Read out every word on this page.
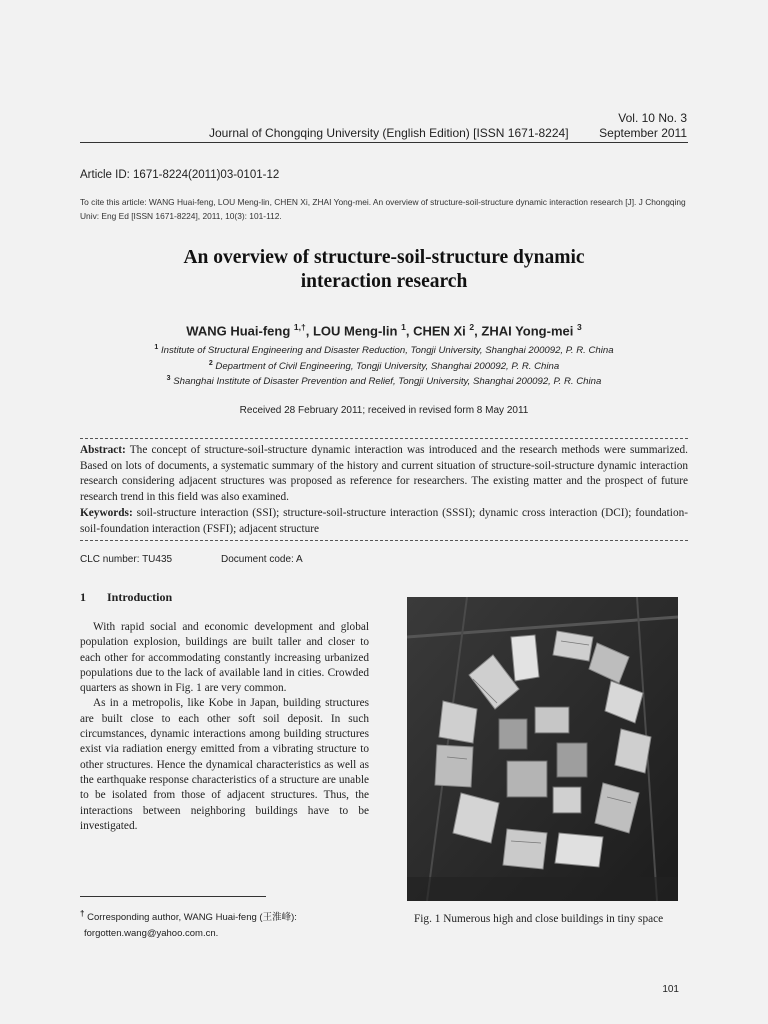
Vol. 10 No. 3
Journal of Chongqing University (English Edition) [ISSN 1671-8224]	September 2011
Article ID: 1671-8224(2011)03-0101-12
To cite this article: WANG Huai-feng, LOU Meng-lin, CHEN Xi, ZHAI Yong-mei. An overview of structure-soil-structure dynamic interaction research [J]. J Chongqing Univ: Eng Ed [ISSN 1671-8224], 2011, 10(3): 101-112.
An overview of structure-soil-structure dynamic
interaction research
WANG Huai-feng $^{1,\dagger}$, LOU Meng-lin $^1$, CHEN Xi $^2$, ZHAI Yong-mei $^3$
$^1$ Institute of Structural Engineering and Disaster Reduction, Tongji University, Shanghai 200092, P. R. China
$^2$ Department of Civil Engineering, Tongji University, Shanghai 200092, P. R. China
$^3$ Shanghai Institute of Disaster Prevention and Relief, Tongji University, Shanghai 200092, P. R. China
Received 28 February 2011; received in revised form 8 May 2011
Abstract: The concept of structure-soil-structure dynamic interaction was introduced and the research methods were summarized. Based on lots of documents, a systematic summary of the history and current situation of structure-soil-structure dynamic interaction research considering adjacent structures was proposed as reference for researchers. The existing matter and the prospect of future research trend in this field was also examined.
Keywords: soil-structure interaction (SSI); structure-soil-structure interaction (SSSI); dynamic cross interaction (DCI); foundation-soil-foundation interaction (FSFI); adjacent structure
CLC number: TU435	Document code: A
1 Introduction

With rapid social and economic development and global population explosion, buildings are built taller and closer to each other for accommodating constantly increasing urbanized populations due to the lack of available land in cities. Crowded quarters as shown in Fig. 1 are very common.

As in a metropolis, like Kobe in Japan, building structures are built close to each other soft soil deposit. In such circumstances, dynamic interactions among building structures exist via radiation energy emitted from a vibrating structure to other structures. Hence the dynamical characteristics as well as the earthquake response characteristics of a structure are unable to be isolated from those of adjacent structures. Thus, the interactions between neighboring buildings have to be investigated.

† Corresponding author, WANG Huai-feng (王淮峰):
forgotten.wang@yahoo.com.cn.
Fig. 1 Numerous high and close buildings in tiny space
101
